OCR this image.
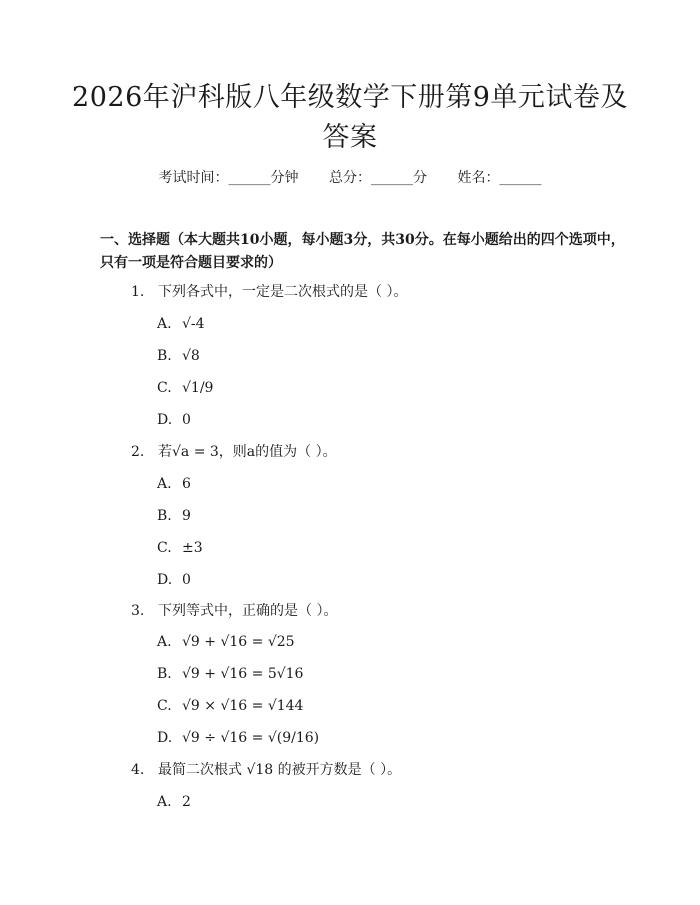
2026年沪科版八年级数学下册第9单元试卷及答案
考试时间：______分钟 总分：______分 姓名：______

一、选择题（本大题共10小题，每小题3分，共30分。在每小题给出的四个选项中，只有一项是符合题目要求的）

1. 下列各式中，一定是二次根式的是（ ）。
A. √-4
B. √8
C. √1/9
D. 0
2. 若√a = 3，则a的值为（ ）。
A. 6
B. 9
C. ±3
D. 0
3. 下列等式中，正确的是（ ）。
A. √9 + √16 = √25
B. √9 + √16 = 5√16
C. √9 × √16 = √144
D. √9 ÷ √16 = √(9/16)
4. 最简二次根式 √18 的被开方数是（ ）。
A. 2
